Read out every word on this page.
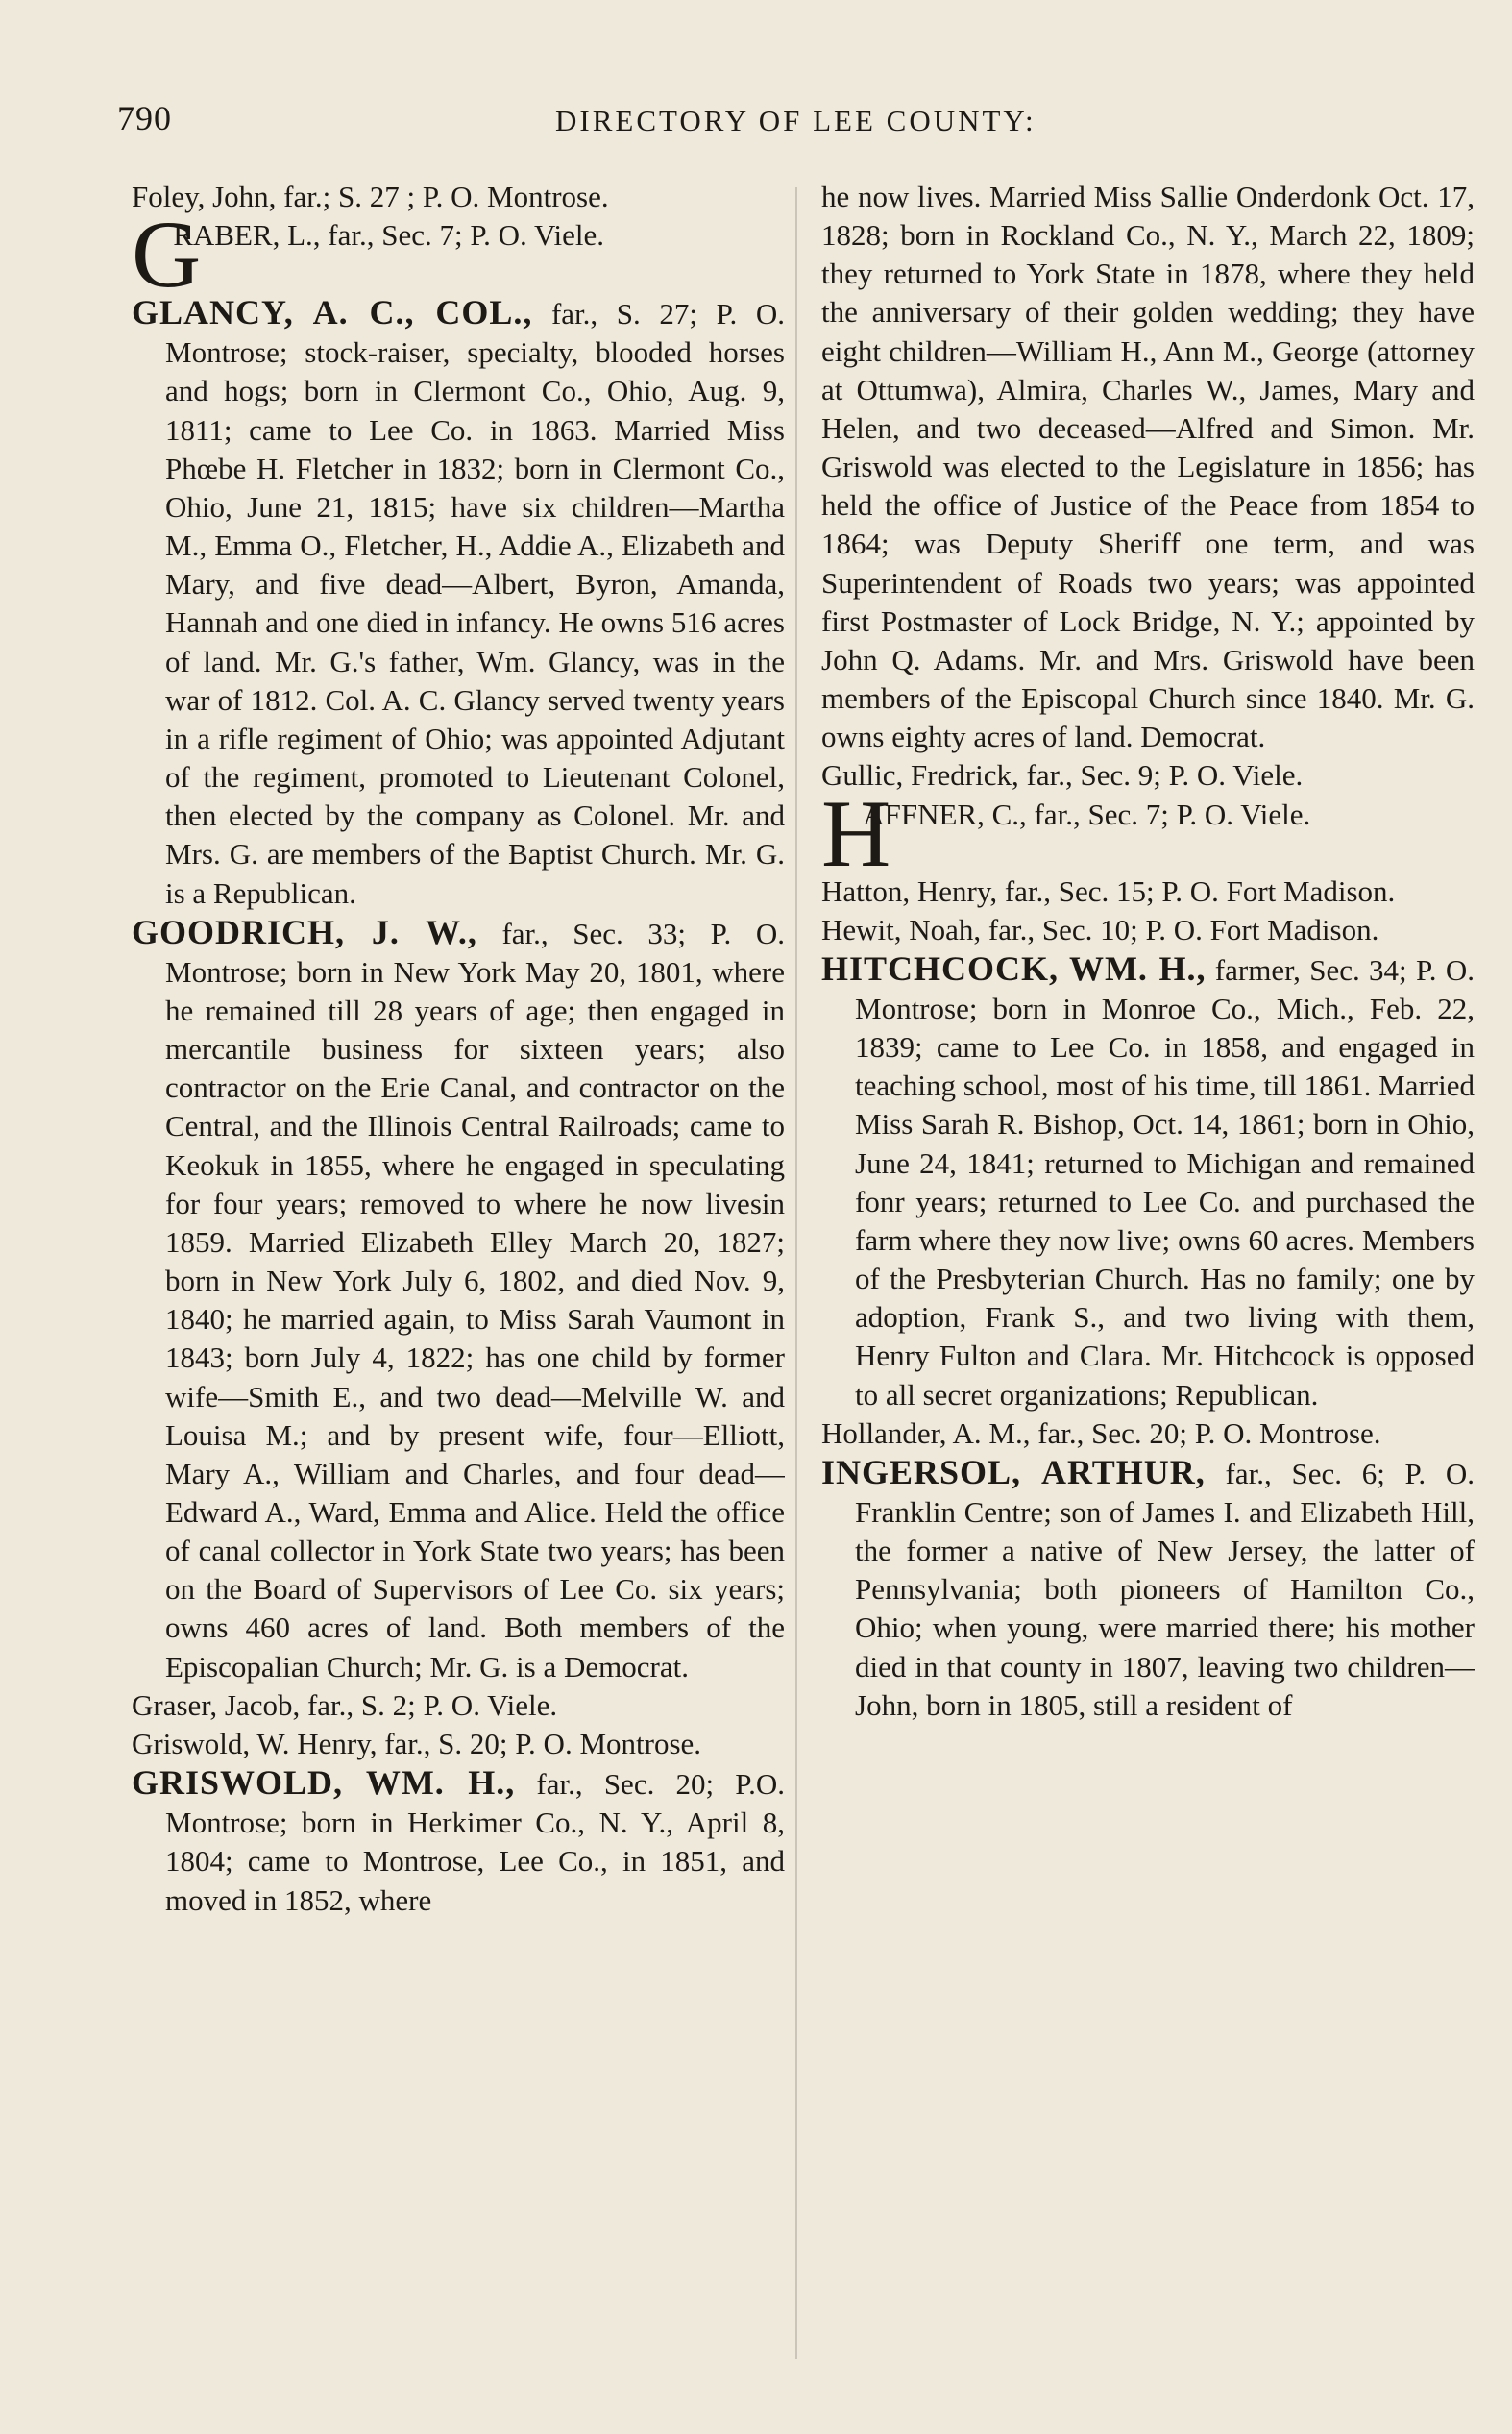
790	DIRECTORY OF LEE COUNTY:

Foley, John, far.; S. 27 ; P. O. Montrose.

G
RABER, L., far., Sec. 7; P. O. Viele.

GLANCY, A. C., COL., far., S. 27; P. O. Montrose; stock-raiser, specialty, blooded horses and hogs; born in Clermont Co., Ohio, Aug. 9, 1811; came to Lee Co. in 1863. Married Miss Phœbe H. Fletcher in 1832; born in Clermont Co., Ohio, June 21, 1815; have six children—Martha M., Emma O., Fletcher, H., Addie A., Elizabeth and Mary, and five dead—Albert, Byron, Amanda, Hannah and one died in infancy. He owns 516 acres of land. Mr. G.'s father, Wm. Glancy, was in the war of 1812. Col. A. C. Glancy served twenty years in a rifle regiment of Ohio; was appointed Adjutant of the regiment, promoted to Lieutenant Colonel, then elected by the company as Colonel. Mr. and Mrs. G. are members of the Baptist Church. Mr. G. is a Republican.

GOODRICH, J. W., far., Sec. 33; P. O. Montrose; born in New York May 20, 1801, where he remained till 28 years of age; then engaged in mercantile business for sixteen years; also contractor on the Erie Canal, and contractor on the Central, and the Illinois Central Railroads; came to Keokuk in 1855, where he engaged in speculating for four years; removed to where he now livesin 1859. Married Elizabeth Elley March 20, 1827; born in New York July 6, 1802, and died Nov. 9, 1840; he married again, to Miss Sarah Vaumont in 1843; born July 4, 1822; has one child by former wife—Smith E., and two dead—Melville W. and Louisa M.; and by present wife, four—Elliott, Mary A., William and Charles, and four dead—Edward A., Ward, Emma and Alice. Held the office of canal collector in York State two years; has been on the Board of Supervisors of Lee Co. six years; owns 460 acres of land. Both members of the Episcopalian Church; Mr. G. is a Democrat.

Graser, Jacob, far., S. 2; P. O. Viele.

Griswold, W. Henry, far., S. 20; P. O. Montrose.

GRISWOLD, WM. H., far., Sec. 20; P.O. Montrose; born in Herkimer Co., N. Y., April 8, 1804; came to Montrose, Lee Co., in 1851, and moved in 1852, where

he now lives. Married Miss Sallie Onderdonk Oct. 17, 1828; born in Rockland Co., N. Y., March 22, 1809; they returned to York State in 1878, where they held the anniversary of their golden wedding; they have eight children—William H., Ann M., George (attorney at Ottumwa), Almira, Charles W., James, Mary and Helen, and two deceased—Alfred and Simon. Mr. Griswold was elected to the Legislature in 1856; has held the office of Justice of the Peace from 1854 to 1864; was Deputy Sheriff one term, and was Superintendent of Roads two years; was appointed first Postmaster of Lock Bridge, N. Y.; appointed by John Q. Adams. Mr. and Mrs. Griswold have been members of the Episcopal Church since 1840. Mr. G. owns eighty acres of land. Democrat.

Gullic, Fredrick, far., Sec. 9; P. O. Viele.

H
AFFNER, C., far., Sec. 7; P. O. Viele.

Hatton, Henry, far., Sec. 15; P. O. Fort Madison.

Hewit, Noah, far., Sec. 10; P. O. Fort Madison.

HITCHCOCK, WM. H., farmer, Sec. 34; P. O. Montrose; born in Monroe Co., Mich., Feb. 22, 1839; came to Lee Co. in 1858, and engaged in teaching school, most of his time, till 1861. Married Miss Sarah R. Bishop, Oct. 14, 1861; born in Ohio, June 24, 1841; returned to Michigan and remained fonr years; returned to Lee Co. and purchased the farm where they now live; owns 60 acres. Members of the Presbyterian Church. Has no family; one by adoption, Frank S., and two living with them, Henry Fulton and Clara. Mr. Hitchcock is opposed to all secret organizations; Republican.

Hollander, A. M., far., Sec. 20; P. O. Montrose.

INGERSOL, ARTHUR, far., Sec. 6; P. O. Franklin Centre; son of James I. and Elizabeth Hill, the former a native of New Jersey, the latter of Pennsylvania; both pioneers of Hamilton Co., Ohio; when young, were married there; his mother died in that county in 1807, leaving two children—John, born in 1805, still a resident of
